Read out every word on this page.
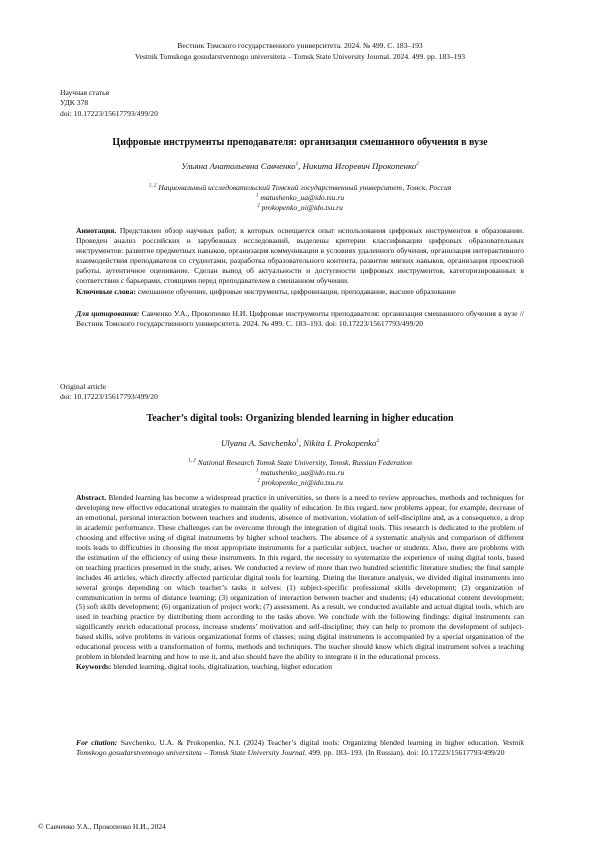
Вестник Томского государственного университета. 2024. № 499. С. 183–193
Vestnik Tomskogo gosudarstvennogo universiteta – Tomsk State University Journal. 2024. 499. pp. 183–193
Научная статья
УДК 378
doi: 10.17223/15617793/499/20
Цифровые инструменты преподавателя: организация смешанного обучения в вузе
Ульяна Анатольевна Савченко$^1$, Никита Игоревич Прокопенко$^2$
$^{1, 2}$ Национальный исследовательский Томский государственный университет, Томск, Россия
$^1$ matushenko_ua@ido.tsu.ru
$^2$ prokopenko_ni@ido.tsu.ru
Аннотация. Представлен обзор научных работ, в которых освещается опыт использования цифровых инструментов в образовании. Проведен анализ российских и зарубежных исследований, выделены критерии классификации цифровых образовательных инструментов: развитие предметных навыков, организация коммуникации в условиях удаленного обучения, организация интерактивного взаимодействия преподавателя со студентами, разработка образовательного контента, развитие мягких навыков, организация проектной работы, аутентичное оценивание. Сделан вывод об актуальности и доступности цифровых инструментов, категоризированных в соответствии с барьерами, стоящими перед преподавателем в смешанном обучении.
Ключевые слова: смешанное обучение, цифровые инструменты, цифровизация, преподавание, высшее образование
Для цитирования: Савченко У.А., Прокопенко Н.И. Цифровые инструменты преподавателя: организация смешанного обучения в вузе // Вестник Томского государственного университета. 2024. № 499. С. 183–193. doi: 10.17223/15617793/499/20
Original article
doi: 10.17223/15617793/499/20
Teacher’s digital tools: Organizing blended learning in higher education
Ulyana A. Savchenko$^1$, Nikita I. Prokopenko$^2$
$^{1, 2}$ National Research Tomsk State University, Tomsk, Russian Federation
$^1$ matushenko_ua@ido.tsu.ru
$^2$ prokopenko_ni@ido.tsu.ru
Abstract. Blended learning has become a widespread practice in universities, so there is a need to review approaches, methods and techniques for developing new effective educational strategies to maintain the quality of education. In this regard, new problems appear, for example, decrease of an emotional, personal interaction between teachers and students, absence of motivation, violation of self-discipline and, as a consequence, a drop in academic performance. These challenges can be overcome through the integration of digital tools. This research is dedicated to the problem of choosing and effective using of digital instruments by higher school teachers. The absence of a systematic analysis and comparison of different tools leads to difficulties in choosing the most appropriate instruments for a particular subject, teacher or students. Also, there are problems with the estimation of the efficiency of using these instruments. In this regard, the necessity to systematize the experience of using digital tools, based on teaching practices presented in the study, arises. We conducted a review of more than two hundred scientific literature studies; the final sample includes 46 articles, which directly affected particular digital tools for learning. During the literature analysis, we divided digital instruments into several groups depending on which teacher’s tasks it solves: (1) subject-specific professional skills development; (2) organization of communication in terms of distance learning; (3) organization of interaction between teacher and students; (4) educational content development; (5) soft skills development; (6) organization of project work; (7) assessment. As a result, we conducted available and actual digital tools, which are used in teaching practice by distributing them according to the tasks above. We conclude with the following findings: digital instruments can significantly enrich educational process, increase students’ motivation and self-discipline; they can help to promote the development of subject-based skills, solve problems in various organizational forms of classes; using digital instruments is accompanied by a special organization of the educational process with a transformation of forms, methods and techniques. The teacher should know which digital instrument solves a teaching problem in blended learning and how to use it, and also should have the ability to integrate it in the educational process.
Keywords: blended learning, digital tools, digitalization, teaching, higher education
For citation: Savchenko, U.A. & Prokopenko, N.I. (2024) Teacher’s digital tools: Organizing blended learning in higher education. Vestnik Tomskogo gosudarstvennogo universiteta – Tomsk State University Journal. 499. pp. 183–193. (In Russian). doi: 10.17223/15617793/499/20
© Савченко У.А., Прокопенко Н.И., 2024
